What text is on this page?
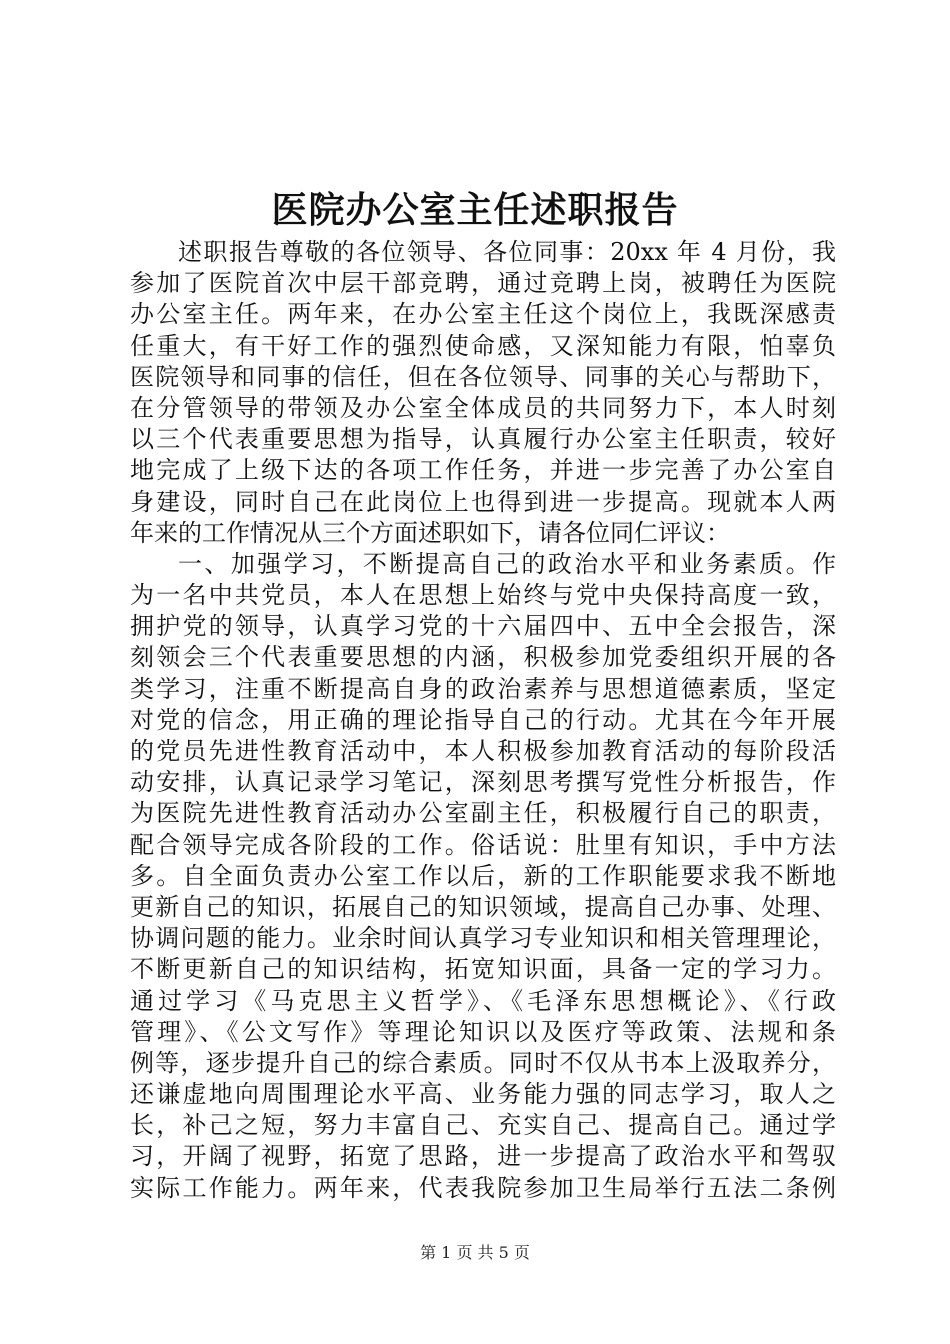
医院办公室主任述职报告
述职报告尊敬的各位领导、各位同事：20xx 年 4 月份，我
参加了医院首次中层干部竞聘，通过竞聘上岗，被聘任为医院
办公室主任。两年来，在办公室主任这个岗位上，我既深感责
任重大，有干好工作的强烈使命感，又深知能力有限，怕辜负
医院领导和同事的信任，但在各位领导、同事的关心与帮助下，
在分管领导的带领及办公室全体成员的共同努力下，本人时刻
以三个代表重要思想为指导，认真履行办公室主任职责，较好
地完成了上级下达的各项工作任务，并进一步完善了办公室自
身建设，同时自己在此岗位上也得到进一步提高。现就本人两
年来的工作情况从三个方面述职如下，请各位同仁评议：
一、加强学习，不断提高自己的政治水平和业务素质。作
为一名中共党员，本人在思想上始终与党中央保持高度一致，
拥护党的领导，认真学习党的十六届四中、五中全会报告，深
刻领会三个代表重要思想的内涵，积极参加党委组织开展的各
类学习，注重不断提高自身的政治素养与思想道德素质，坚定
对党的信念，用正确的理论指导自己的行动。尤其在今年开展
的党员先进性教育活动中，本人积极参加教育活动的每阶段活
动安排，认真记录学习笔记，深刻思考撰写党性分析报告，作
为医院先进性教育活动办公室副主任，积极履行自己的职责，
配合领导完成各阶段的工作。俗话说：肚里有知识，手中方法
多。自全面负责办公室工作以后，新的工作职能要求我不断地
更新自己的知识，拓展自己的知识领域，提高自己办事、处理、
协调问题的能力。业余时间认真学习专业知识和相关管理理论，
不断更新自己的知识结构，拓宽知识面，具备一定的学习力。
通过学习《马克思主义哲学》、《毛泽东思想概论》、《行政
管理》、《公文写作》等理论知识以及医疗等政策、法规和条
例等，逐步提升自己的综合素质。同时不仅从书本上汲取养分，
还谦虚地向周围理论水平高、业务能力强的同志学习，取人之
长，补己之短，努力丰富自己、充实自己、提高自己。通过学
习，开阔了视野，拓宽了思路，进一步提高了政治水平和驾驭
实际工作能力。两年来，代表我院参加卫生局举行五法二条例
第 1 页 共 5 页
